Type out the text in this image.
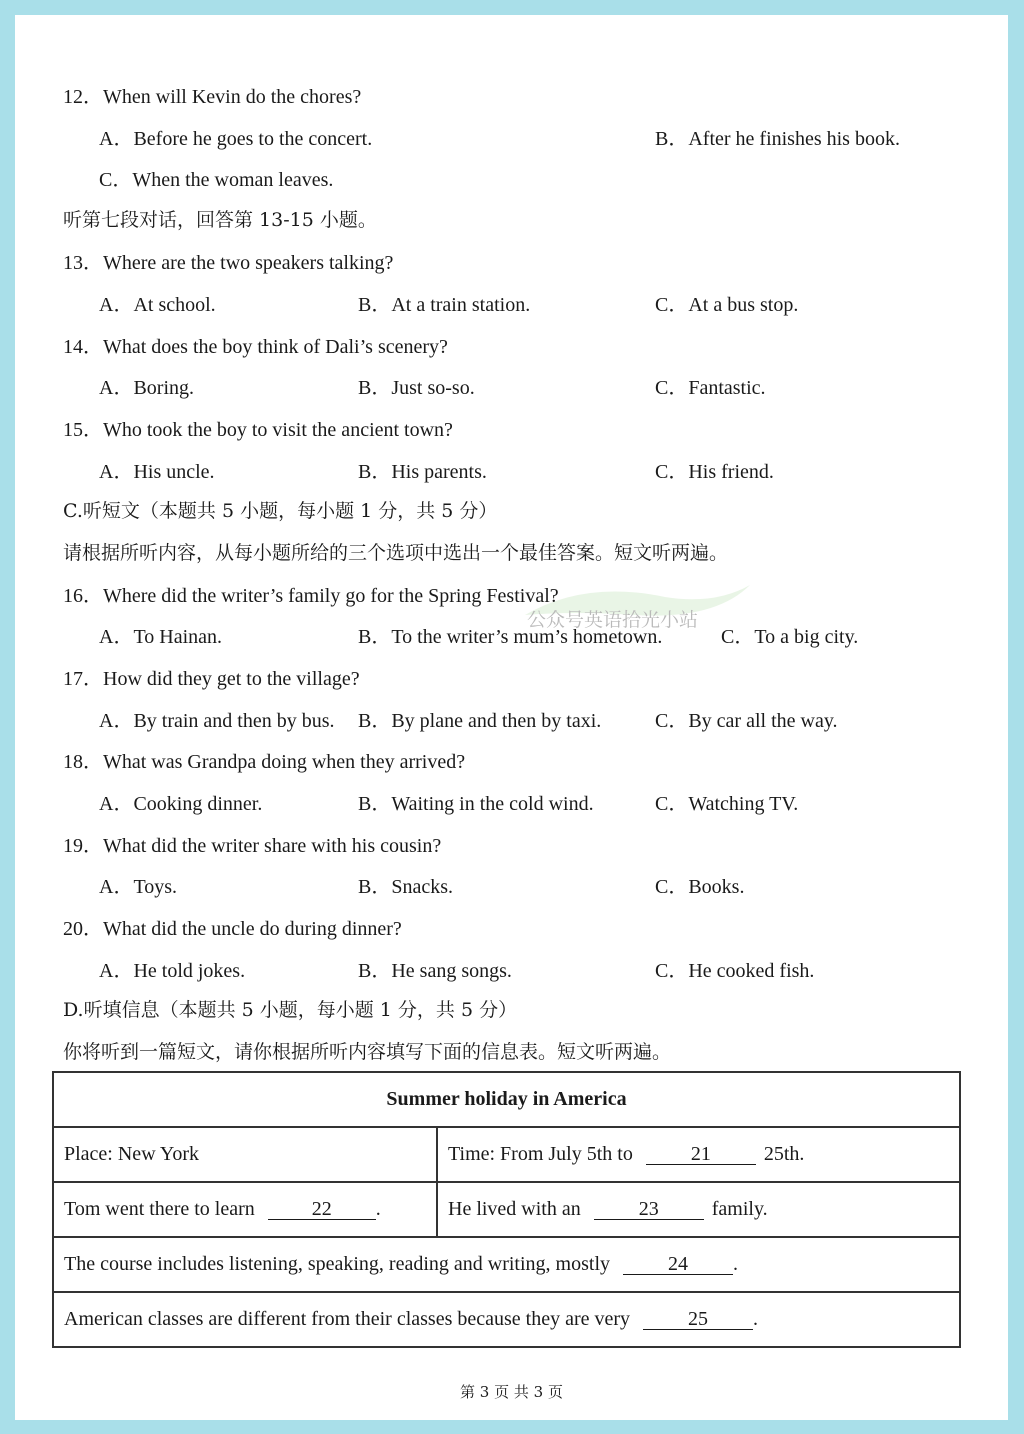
12．When will Kevin do the chores?
A．Before he goes to the concert.	B．After he finishes his book.
C．When the woman leaves.
听第七段对话，回答第 13-15 小题。
13．Where are the two speakers talking?
A．At school.	B．At a train station.	C．At a bus stop.
14．What does the boy think of Dali’s scenery?
A．Boring.	B．Just so-so.	C．Fantastic.
15．Who took the boy to visit the ancient town?
A．His uncle.	B．His parents.	C．His friend.
C.听短文（本题共 5 小题，每小题 1 分，共 5 分）
请根据所听内容，从每小题所给的三个选项中选出一个最佳答案。短文听两遍。
公众号英语拾光小站
16．Where did the writer’s family go for the Spring Festival?
A．To Hainan.	B．To the writer’s mum’s hometown.	C．To a big city.
17．How did they get to the village?
A．By train and then by bus. B．By plane and then by taxi.	C．By car all the way.
18．What was Grandpa doing when they arrived?
A．Cooking dinner.	B．Waiting in the cold wind.	C．Watching TV.
19．What did the writer share with his cousin?
A．Toys.	B．Snacks.	C．Books.
20．What did the uncle do during dinner?
A．He told jokes.	B．He sang songs.	C．He cooked fish.
D.听填信息（本题共 5 小题，每小题 1 分，共 5 分）
你将听到一篇短文，请你根据所听内容填写下面的信息表。短文听两遍。
Summer holiday in America	
Place: New York	Time: From July 5th to 21 25th.
Tom went there to learn 22 .	He lived with an 23 family.
The course includes listening, speaking, reading and writing, mostly 24 .	
American classes are different from their classes because they are very 25 .	
第 3 页 共 3 页
